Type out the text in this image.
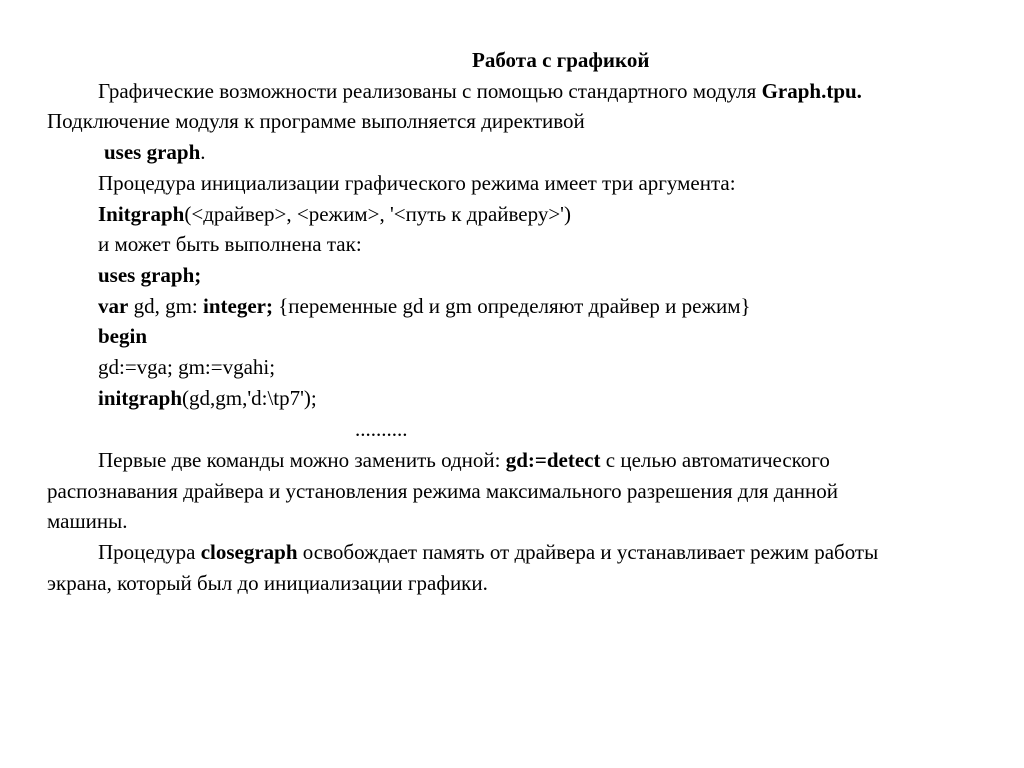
Работа с графикой
Графические возможности реализованы с помощью стандартного модуля Graph.tpu.
Подключение модуля к программе выполняется директивой
uses graph.
Процедура инициализации графического режима имеет три аргумента:
Initgraph(<драйвер>, <режим>, '<путь к драйверу>')
и может быть выполнена так:
uses graph;
var gd, gm: integer; {переменные gd и gm определяют драйвер и режим}
begin
gd:=vga; gm:=vgahi;
initgraph(gd,gm,'d:\tp7');
..........
Первые две команды можно заменить одной: gd:=detect с целью автоматического
распознавания драйвера и установления режима максимального разрешения для данной
машины.
Процедура closegraph освобождает память от драйвера и устанавливает режим работы
экрана, который был до инициализации графики.
